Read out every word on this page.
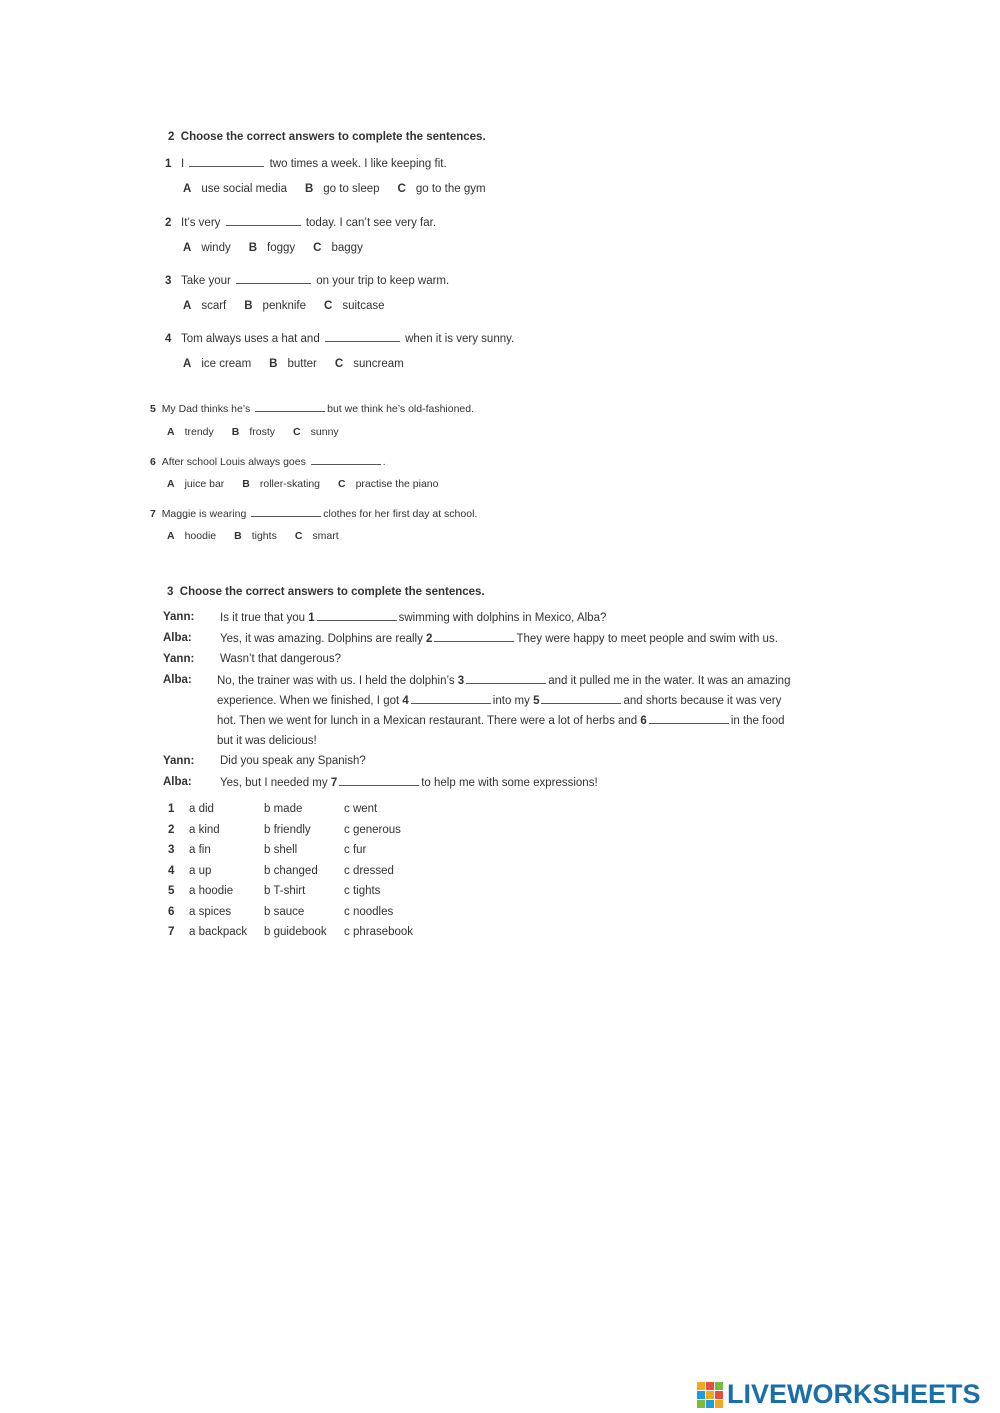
2 Choose the correct answers to complete the sentences.
1 I	two times a week. I like keeping fit.
A use social media B go to sleep C go to the gym
2 It’s very	today. I can’t see very far.
A windy B foggy C baggy
3 Take your	on your trip to keep warm.
A scarf B penknife C suitcase
4 Tom always uses a hat and	when it is very sunny.
A ice cream B butter C suncream
5 My Dad thinks he’s	but we think he’s old-fashioned.
A trendy B frosty C sunny
6 After school Louis always goes	.
A juice bar B roller-skating C practise the piano
7 Maggie is wearing	clothes for her first day at school.
A hoodie B tights C smart
3 Choose the correct answers to complete the sentences.
Yann: Is it true that you 1	swimming with dolphins in Mexico, Alba?
Alba: Yes, it was amazing. Dolphins are really 2	They were happy to meet people and swim with us.
Yann: Wasn’t that dangerous?
Alba: No, the trainer was with us. I held the dolphin’s 3	and it pulled me in the water. It was an amazing
experience. When we finished, I got 4	into my 5	and shorts because it was very
hot. Then we went for lunch in a Mexican restaurant. There were a lot of herbs and 6	in the food
but it was delicious!
Yann: Did you speak any Spanish?
Alba: Yes, but I needed my 7	to help me with some expressions!
1	a did	b made	c went
2	a kind	b friendly	c generous
3	a fin	b shell	c fur
4	a up	b changed	c dressed
5	a hoodie	b T-shirt	c tights
6	a spices	b sauce	c noodles
7	a backpack	b guidebook	c phrasebook
LIVEWORKSHEETS
